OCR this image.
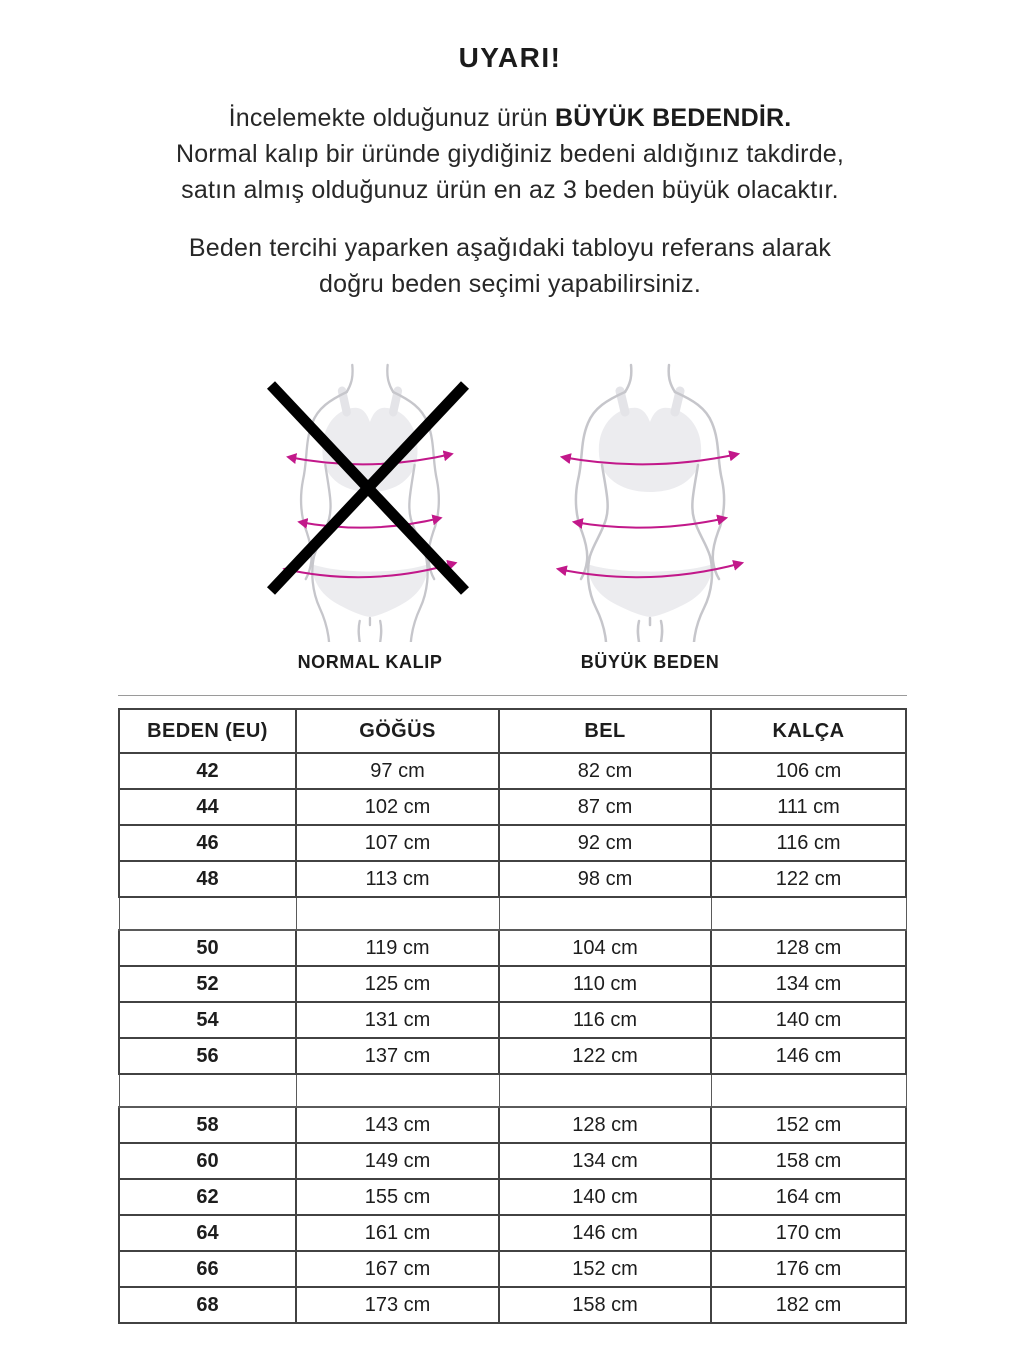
UYARI!
İncelemekte olduğunuz ürün BÜYÜK BEDENDİR.
Normal kalıp bir üründe giydiğiniz bedeni aldığınız takdirde,
satın almış olduğunuz ürün en az 3 beden büyük olacaktır.
Beden tercihi yaparken aşağıdaki tabloyu referans alarak
doğru beden seçimi yapabilirsiniz.
NORMAL KALIP	BÜYÜK BEDEN
BEDEN (EU)	GÖĞÜS	BEL	KALÇA
42	97 cm	82 cm	106 cm
44	102 cm	87 cm	111 cm
46	107 cm	92 cm	116 cm
48	113 cm	98 cm	122 cm

50	119 cm	104 cm	128 cm
52	125 cm	110 cm	134 cm
54	131 cm	116 cm	140 cm
56	137 cm	122 cm	146 cm

58	143 cm	128 cm	152 cm
60	149 cm	134 cm	158 cm
62	155 cm	140 cm	164 cm
64	161 cm	146 cm	170 cm
66	167 cm	152 cm	176 cm
68	173 cm	158 cm	182 cm
